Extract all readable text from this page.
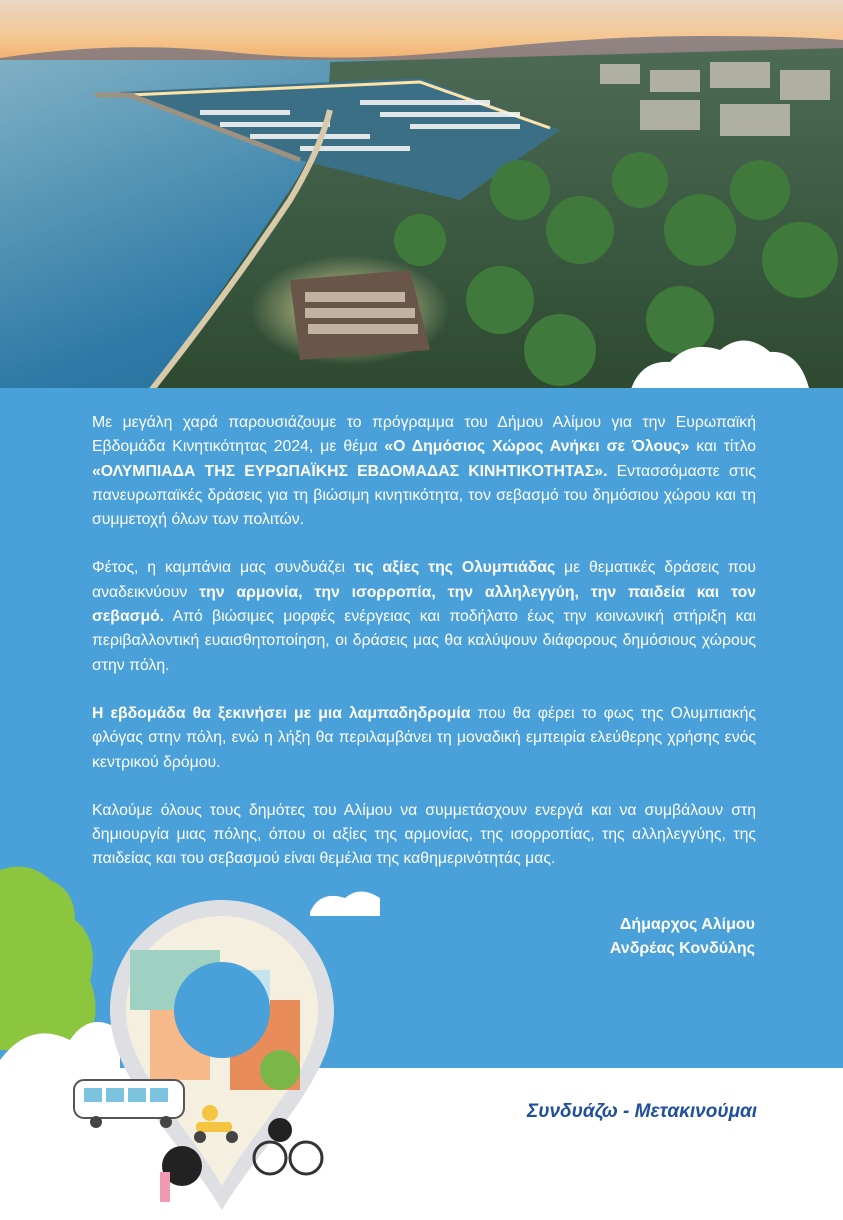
Με μεγάλη χαρά παρουσιάζουμε το πρόγραμμα του Δήμου Αλίμου για την Ευρωπαϊκή Εβδομάδα Κινητικότητας 2024, με θέμα «Ο Δημόσιος Χώρος Ανήκει σε Όλους» και τίτλο «ΟΛΥΜΠΙΑΔΑ ΤΗΣ ΕΥΡΩΠΑΪΚΗΣ ΕΒΔΟΜΑΔΑΣ ΚΙΝΗΤΙΚΟΤΗΤΑΣ». Εντασσόμαστε στις πανευρωπαϊκές δράσεις για τη βιώσιμη κινητικότητα, τον σεβασμό του δημόσιου χώρου και τη συμμετοχή όλων των πολιτών.

Φέτος, η καμπάνια μας συνδυάζει τις αξίες της Ολυμπιάδας με θεματικές δράσεις που αναδεικνύουν την αρμονία, την ισορροπία, την αλληλεγγύη, την παιδεία και τον σεβασμό. Από βιώσιμες μορφές ενέργειας και ποδήλατο έως την κοινωνική στήριξη και περιβαλλοντική ευαισθητοποίηση, οι δράσεις μας θα καλύψουν διάφορους δημόσιους χώρους στην πόλη.

Η εβδομάδα θα ξεκινήσει με μια λαμπαδηδρομία που θα φέρει το φως της Ολυμπιακής φλόγας στην πόλη, ενώ η λήξη θα περιλαμβάνει τη μοναδική εμπειρία ελεύθερης χρήσης ενός κεντρικού δρόμου.

Καλούμε όλους τους δημότες του Αλίμου να συμμετάσχουν ενεργά και να συμβάλουν στη δημιουργία μιας πόλης, όπου οι αξίες της αρμονίας, της ισορροπίας, της αλληλεγγύης, της παιδείας και του σεβασμού είναι θεμέλια της καθημερινότητάς μας.

Δήμαρχος Αλίμου
Ανδρέας Κονδύλης
Συνδυάζω - Μετακινούμαι
